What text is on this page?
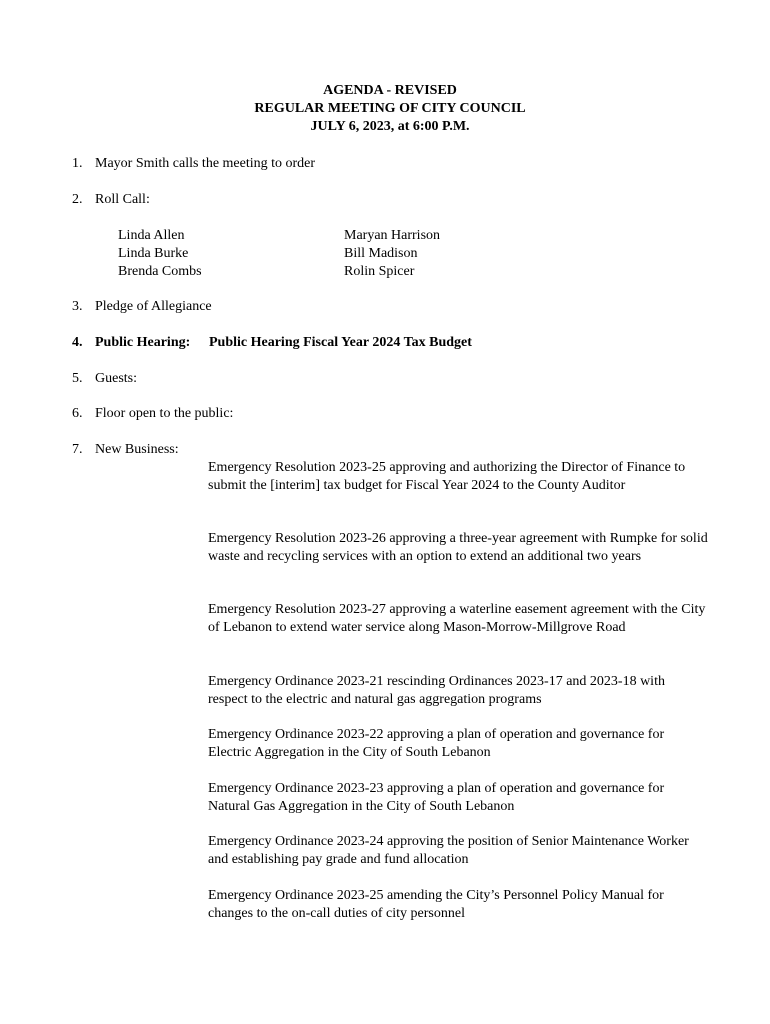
AGENDA - REVISED
REGULAR MEETING OF CITY COUNCIL
JULY 6, 2023, at 6:00 P.M.
1. Mayor Smith calls the meeting to order
2. Roll Call:
Linda Allen
Linda Burke
Brenda Combs
Maryan Harrison
Bill Madison
Rolin Spicer
3. Pledge of Allegiance
4. Public Hearing: Public Hearing Fiscal Year 2024 Tax Budget
5. Guests:
6. Floor open to the public:
7. New Business:

Emergency Resolution 2023-25 approving and authorizing the Director of Finance to submit the [interim] tax budget for Fiscal Year 2024 to the County Auditor

Emergency Resolution 2023-26 approving a three-year agreement with Rumpke for solid waste and recycling services with an option to extend an additional two years

Emergency Resolution 2023-27 approving a waterline easement agreement with the City of Lebanon to extend water service along Mason-Morrow-Millgrove Road

Emergency Ordinance 2023-21 rescinding Ordinances 2023-17 and 2023-18 with respect to the electric and natural gas aggregation programs

Emergency Ordinance 2023-22 approving a plan of operation and governance for Electric Aggregation in the City of South Lebanon

Emergency Ordinance 2023-23 approving a plan of operation and governance for Natural Gas Aggregation in the City of South Lebanon

Emergency Ordinance 2023-24 approving the position of Senior Maintenance Worker and establishing pay grade and fund allocation

Emergency Ordinance 2023-25 amending the City’s Personnel Policy Manual for changes to the on-call duties of city personnel
